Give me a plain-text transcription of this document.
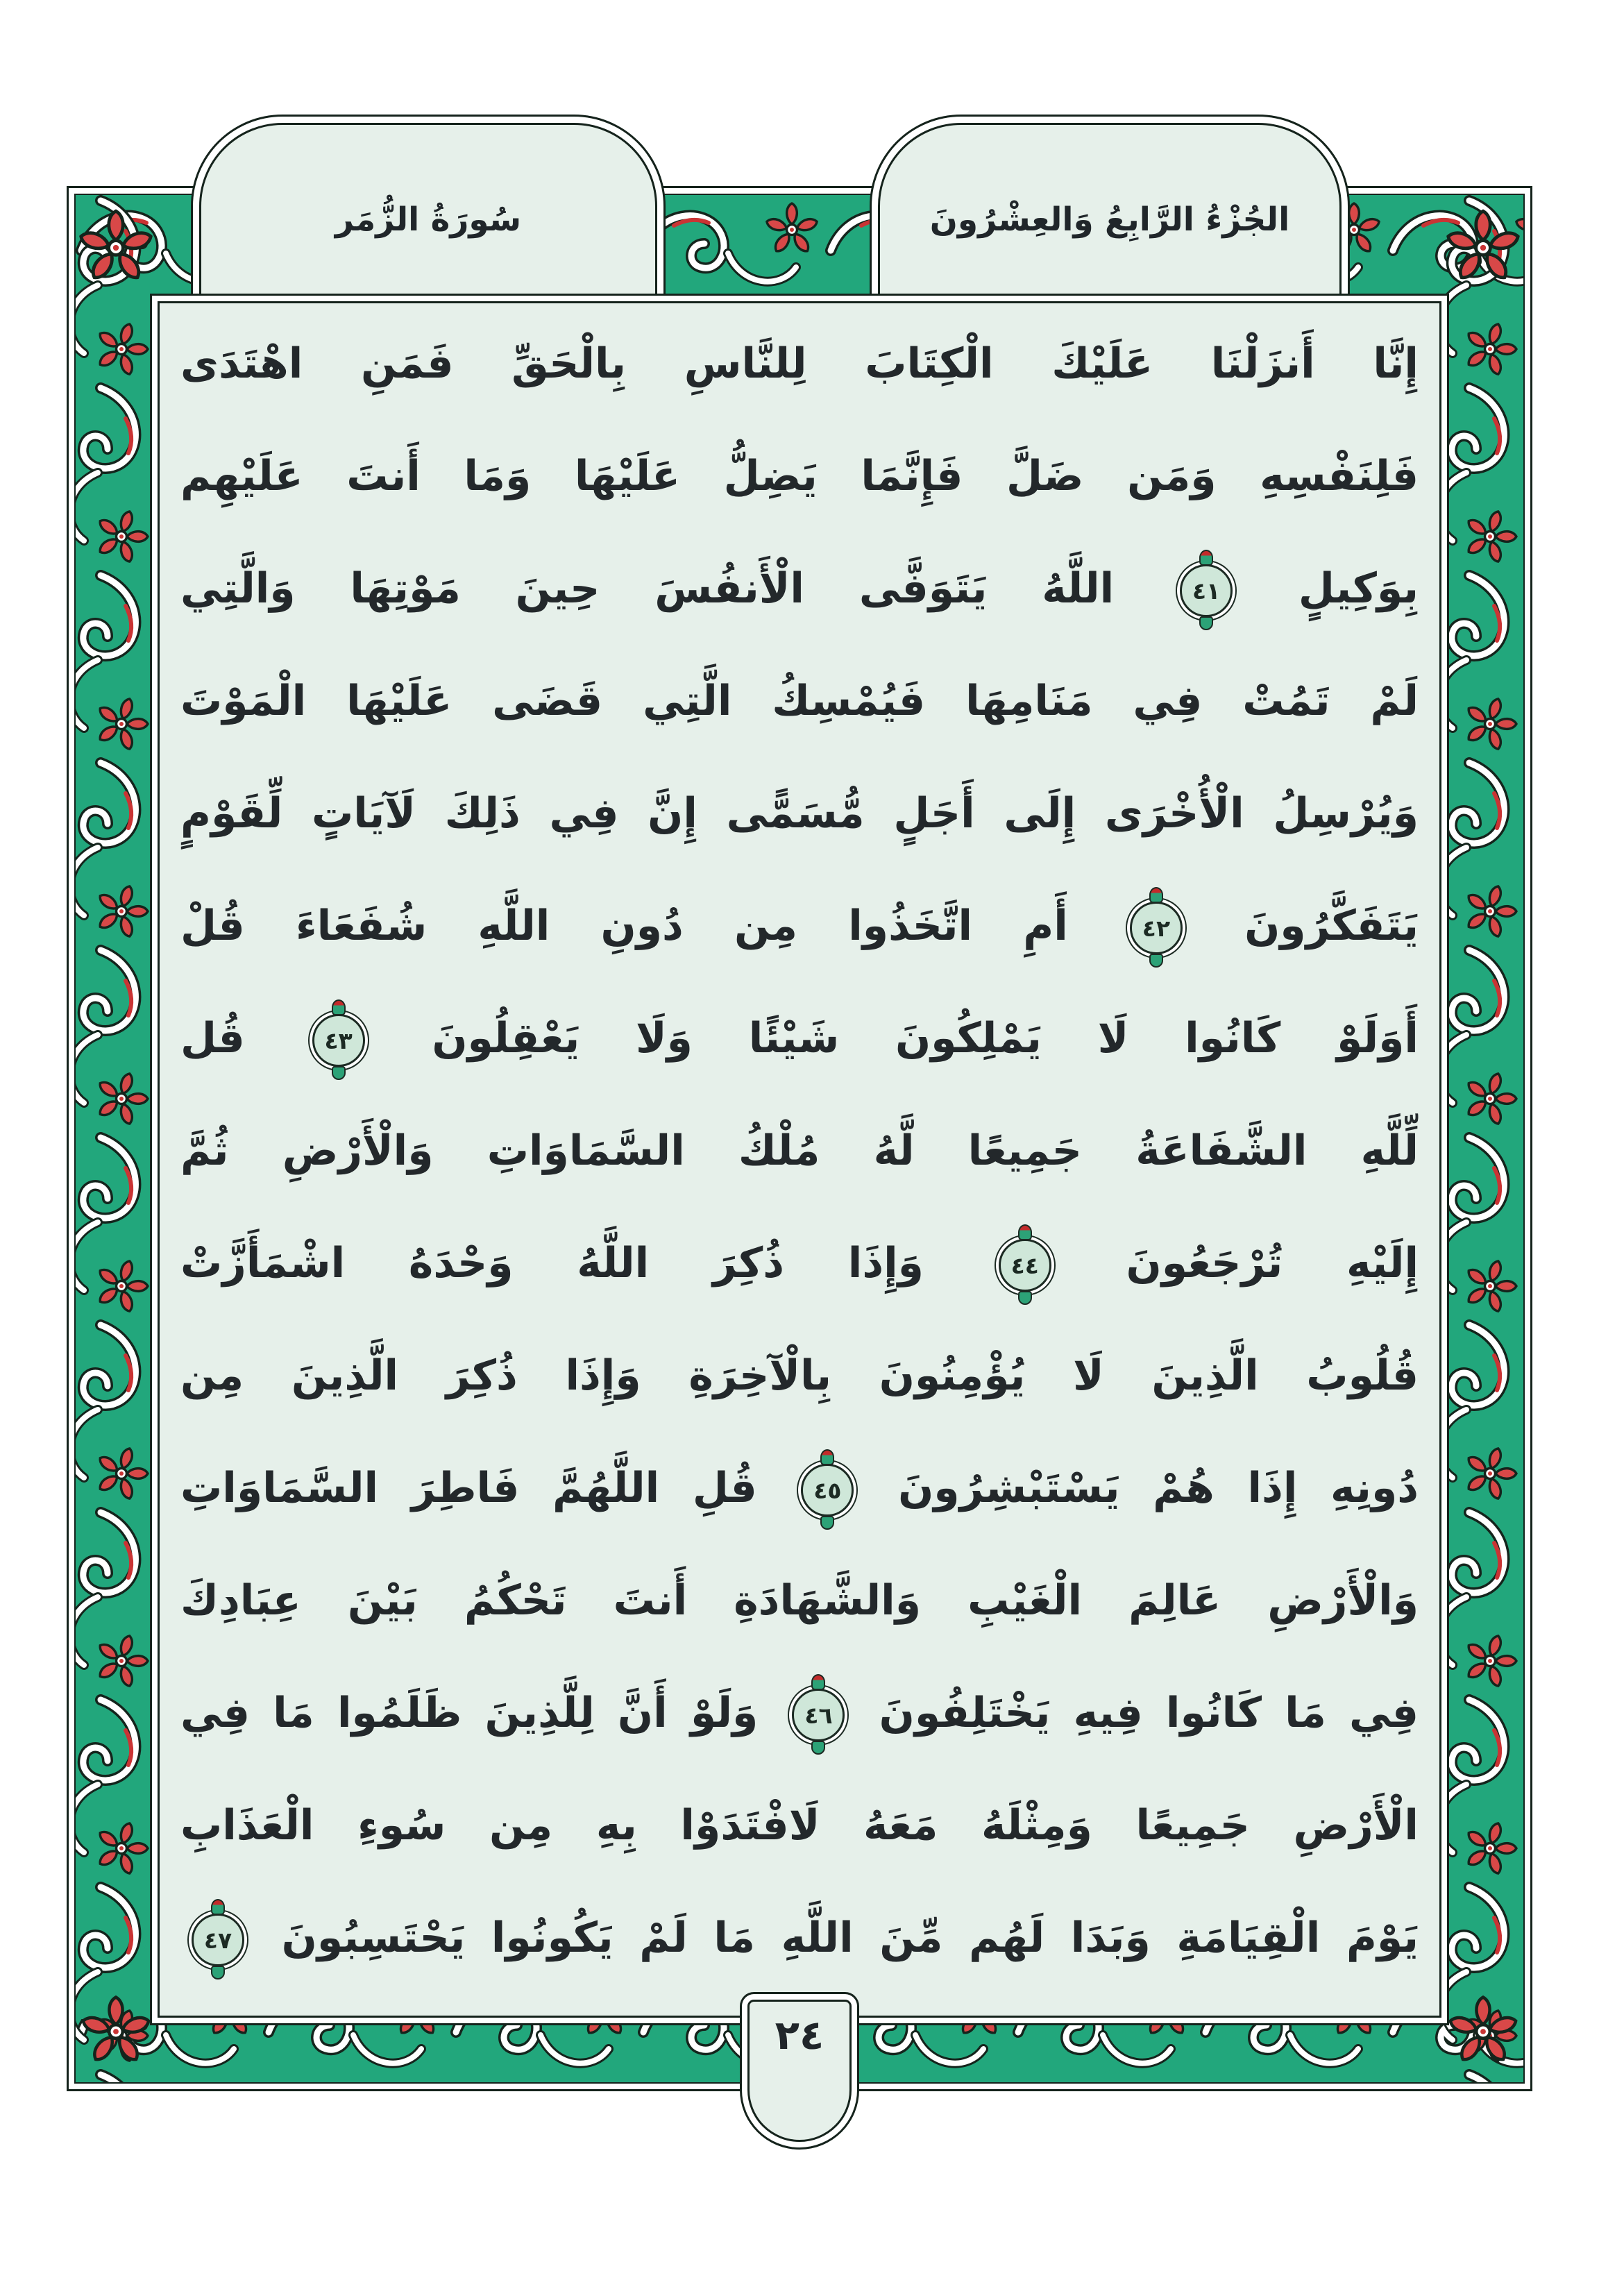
سُورَةُ الزُّمَر	الجُزْءُ الرَّابِعُ وَالعِشْرُونَ
إِنَّا أَنزَلْنَا عَلَيْكَ الْكِتَابَ لِلنَّاسِ بِالْحَقِّ فَمَنِ اهْتَدَى
فَلِنَفْسِهِ وَمَن ضَلَّ فَإِنَّمَا يَضِلُّ عَلَيْهَا وَمَا أَنتَ عَلَيْهِم
بِوَكِيلٍ ٤١ اللَّهُ يَتَوَفَّى الْأَنفُسَ حِينَ مَوْتِهَا وَالَّتِي
لَمْ تَمُتْ فِي مَنَامِهَا فَيُمْسِكُ الَّتِي قَضَى عَلَيْهَا الْمَوْتَ
وَيُرْسِلُ الْأُخْرَى إِلَى أَجَلٍ مُّسَمًّى إِنَّ فِي ذَلِكَ لَآيَاتٍ لِّقَوْمٍ
يَتَفَكَّرُونَ ٤٢ أَمِ اتَّخَذُوا مِن دُونِ اللَّهِ شُفَعَاءَ قُلْ
أَوَلَوْ كَانُوا لَا يَمْلِكُونَ شَيْئًا وَلَا يَعْقِلُونَ ٤٣ قُل
لِّلَّهِ الشَّفَاعَةُ جَمِيعًا لَّهُ مُلْكُ السَّمَاوَاتِ وَالْأَرْضِ ثُمَّ
إِلَيْهِ تُرْجَعُونَ ٤٤ وَإِذَا ذُكِرَ اللَّهُ وَحْدَهُ اشْمَأَزَّتْ
قُلُوبُ الَّذِينَ لَا يُؤْمِنُونَ بِالْآخِرَةِ وَإِذَا ذُكِرَ الَّذِينَ مِن
دُونِهِ إِذَا هُمْ يَسْتَبْشِرُونَ ٤٥ قُلِ اللَّهُمَّ فَاطِرَ السَّمَاوَاتِ
وَالْأَرْضِ عَالِمَ الْغَيْبِ وَالشَّهَادَةِ أَنتَ تَحْكُمُ بَيْنَ عِبَادِكَ
فِي مَا كَانُوا فِيهِ يَخْتَلِفُونَ ٤٦ وَلَوْ أَنَّ لِلَّذِينَ ظَلَمُوا مَا فِي
الْأَرْضِ جَمِيعًا وَمِثْلَهُ مَعَهُ لَافْتَدَوْا بِهِ مِن سُوءِ الْعَذَابِ
يَوْمَ الْقِيَامَةِ وَبَدَا لَهُم مِّنَ اللَّهِ مَا لَمْ يَكُونُوا يَحْتَسِبُونَ ٤٧
٢٤
